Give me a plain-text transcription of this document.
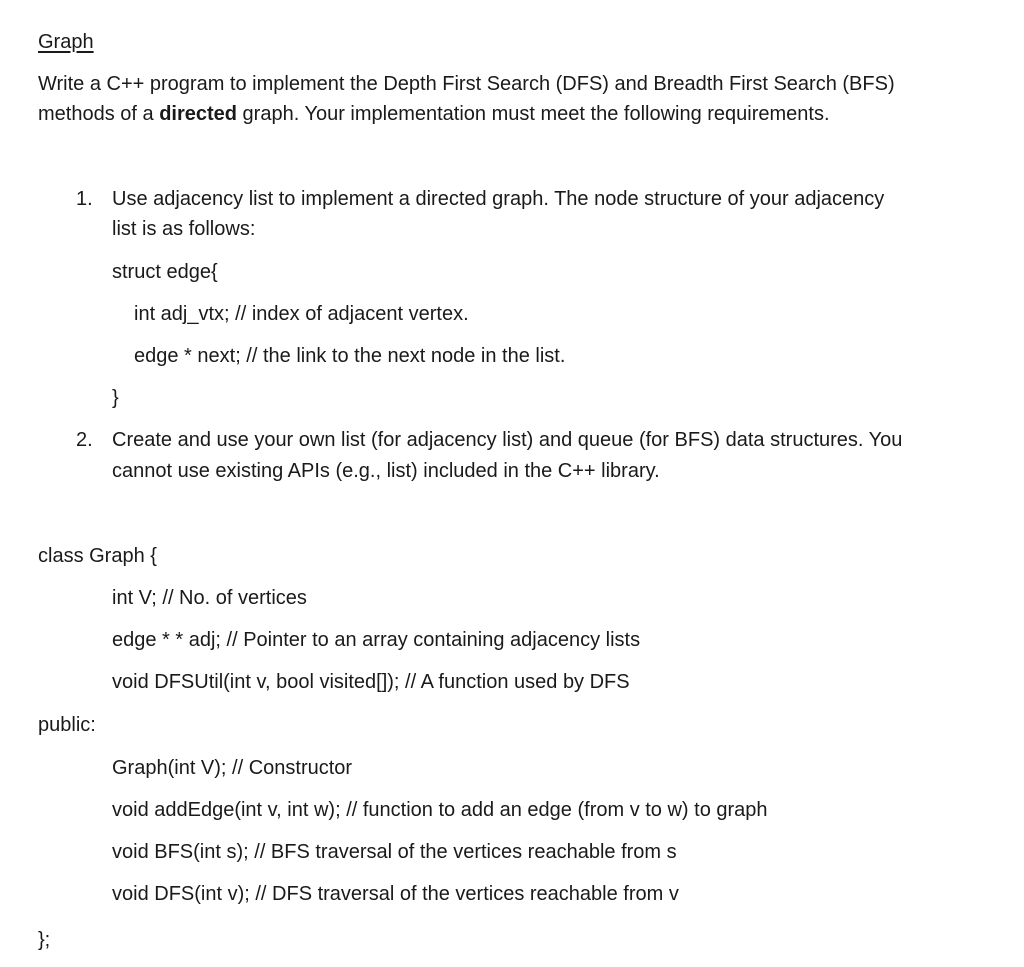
Graph
Write a C++ program to implement the Depth First Search (DFS) and Breadth First Search (BFS)
methods of a directed graph. Your implementation must meet the following requirements.
1. Use adjacency list to implement a directed graph. The node structure of your adjacency
list is as follows:
struct edge{
int adj_vtx; // index of adjacent vertex.
edge * next; // the link to the next node in the list.
}
2. Create and use your own list (for adjacency list) and queue (for BFS) data structures. You
cannot use existing APIs (e.g., list) included in the C++ library.
class Graph {
int V; // No. of vertices
edge * * adj; // Pointer to an array containing adjacency lists
void DFSUtil(int v, bool visited[]); // A function used by DFS
public:
Graph(int V); // Constructor
void addEdge(int v, int w); // function to add an edge (from v to w) to graph
void BFS(int s); // BFS traversal of the vertices reachable from s
void DFS(int v); // DFS traversal of the vertices reachable from v
};
